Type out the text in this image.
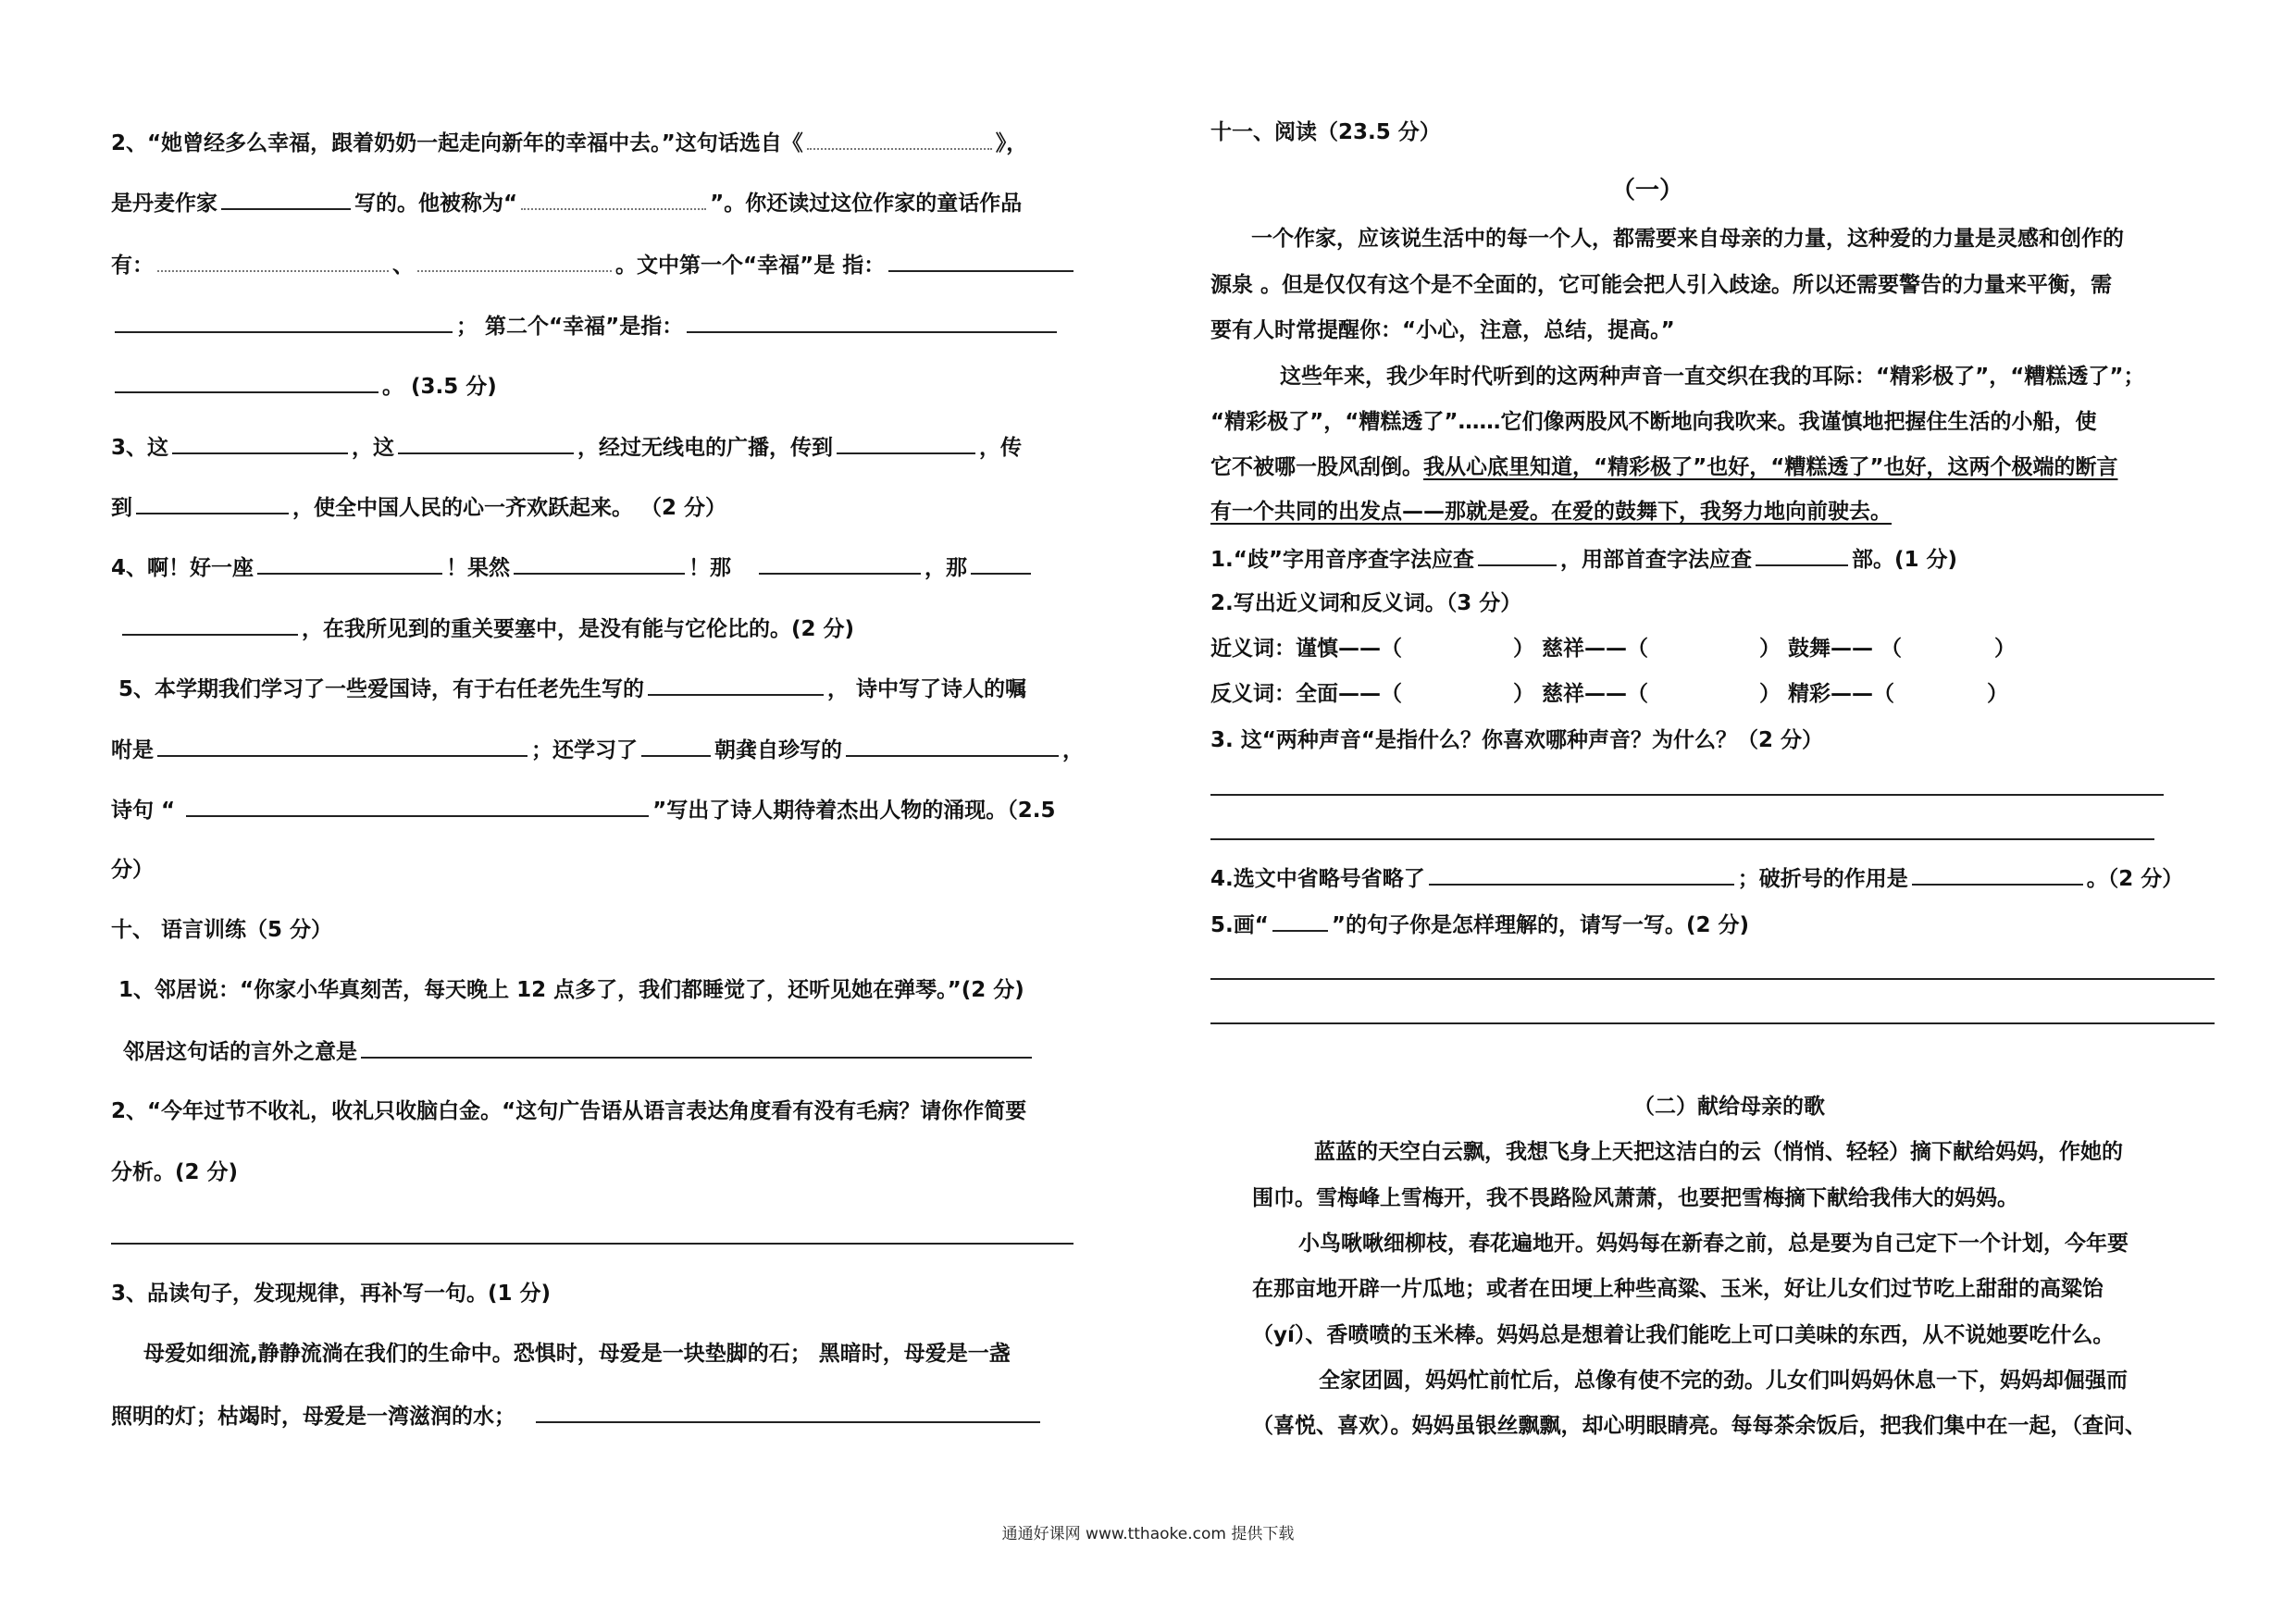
2、“她曾经多么幸福，跟着奶奶一起走向新年的幸福中去。”这句话选自《	》，
是丹麦作家	写的。他被称为“	”。你还读过这位作家的童话作品
有：	、	。文中第一个“幸福”是 指：
； 第二个“幸福”是指：
。 (3.5 分)
3、这	，这	，经过无线电的广播，传到	，传
到	，使全中国人民的心一齐欢跃起来。 （2 分）
4、啊！好一座	！果然	！那	，那
，在我所见到的重关要塞中，是没有能与它伦比的。(2 分)
5、本学期我们学习了一些爱国诗，有于右任老先生写的	， 诗中写了诗人的嘱
咐是	；还学习了	朝龚自珍写的	，
诗句 “	”写出了诗人期待着杰出人物的涌现。（2.5
分）
十、 语言训练（5 分）
1、邻居说：“你家小华真刻苦，每天晚上 12 点多了，我们都睡觉了，还听见她在弹琴。”(2 分)
邻居这句话的言外之意是
2、“今年过节不收礼，收礼只收脑白金。“这句广告语从语言表达角度看有没有毛病？请你作简要
分析。(2 分)
3、品读句子，发现规律，再补写一句。(1 分)
母爱如细流,静静流淌在我们的生命中。恐惧时，母爱是一块垫脚的石； 黑暗时，母爱是一盏
照明的灯；枯竭时，母爱是一湾滋润的水；
十一、阅读（23.5 分）
（一）
一个作家，应该说生活中的每一个人，都需要来自母亲的力量，这种爱的力量是灵感和创作的
源泉 。但是仅仅有这个是不全面的，它可能会把人引入歧途。所以还需要警告的力量来平衡，需
要有人时常提醒你：“小心，注意，总结，提高。”
这些年来，我少年时代听到的这两种声音一直交织在我的耳际：“精彩极了”，“糟糕透了”；
“精彩极了”，“糟糕透了”……它们像两股风不断地向我吹来。我谨慎地把握住生活的小船，使
它不被哪一股风刮倒。我从心底里知道，“精彩极了”也好，“糟糕透了”也好，这两个极端的断言
有一个共同的出发点——那就是爱。在爱的鼓舞下，我努力地向前驶去。
1.“歧”字用音序查字法应查	，用部首查字法应查	部。(1 分)
2.写出近义词和反义词。（3 分）
近义词：谨慎——（	） 慈祥——（	） 鼓舞—— （	）
反义词：全面——（	） 慈祥——（	） 精彩——（	）
3. 这“两种声音“是指什么？你喜欢哪种声音？为什么？（2 分）
4.选文中省略号省略了	；破折号的作用是	。（2 分）
5.画“	”的句子你是怎样理解的，请写一写。(2 分)
（二）献给母亲的歌
蓝蓝的天空白云飘，我想飞身上天把这洁白的云（悄悄、轻轻）摘下献给妈妈，作她的
围巾。雪梅峰上雪梅开，我不畏路险风萧萧，也要把雪梅摘下献给我伟大的妈妈。
小鸟啾啾细柳枝，春花遍地开。妈妈每在新春之前，总是要为自己定下一个计划，今年要
在那亩地开辟一片瓜地；或者在田埂上种些高粱、玉米，好让儿女们过节吃上甜甜的高粱饴
（yí）、香喷喷的玉米棒。妈妈总是想着让我们能吃上可口美味的东西，从不说她要吃什么。
全家团圆，妈妈忙前忙后，总像有使不完的劲。儿女们叫妈妈休息一下，妈妈却倔强而
（喜悦、喜欢）。妈妈虽银丝飘飘，却心明眼睛亮。每每茶余饭后，把我们集中在一起，（查问、
通通好课网 www.tthaoke.com 提供下载
